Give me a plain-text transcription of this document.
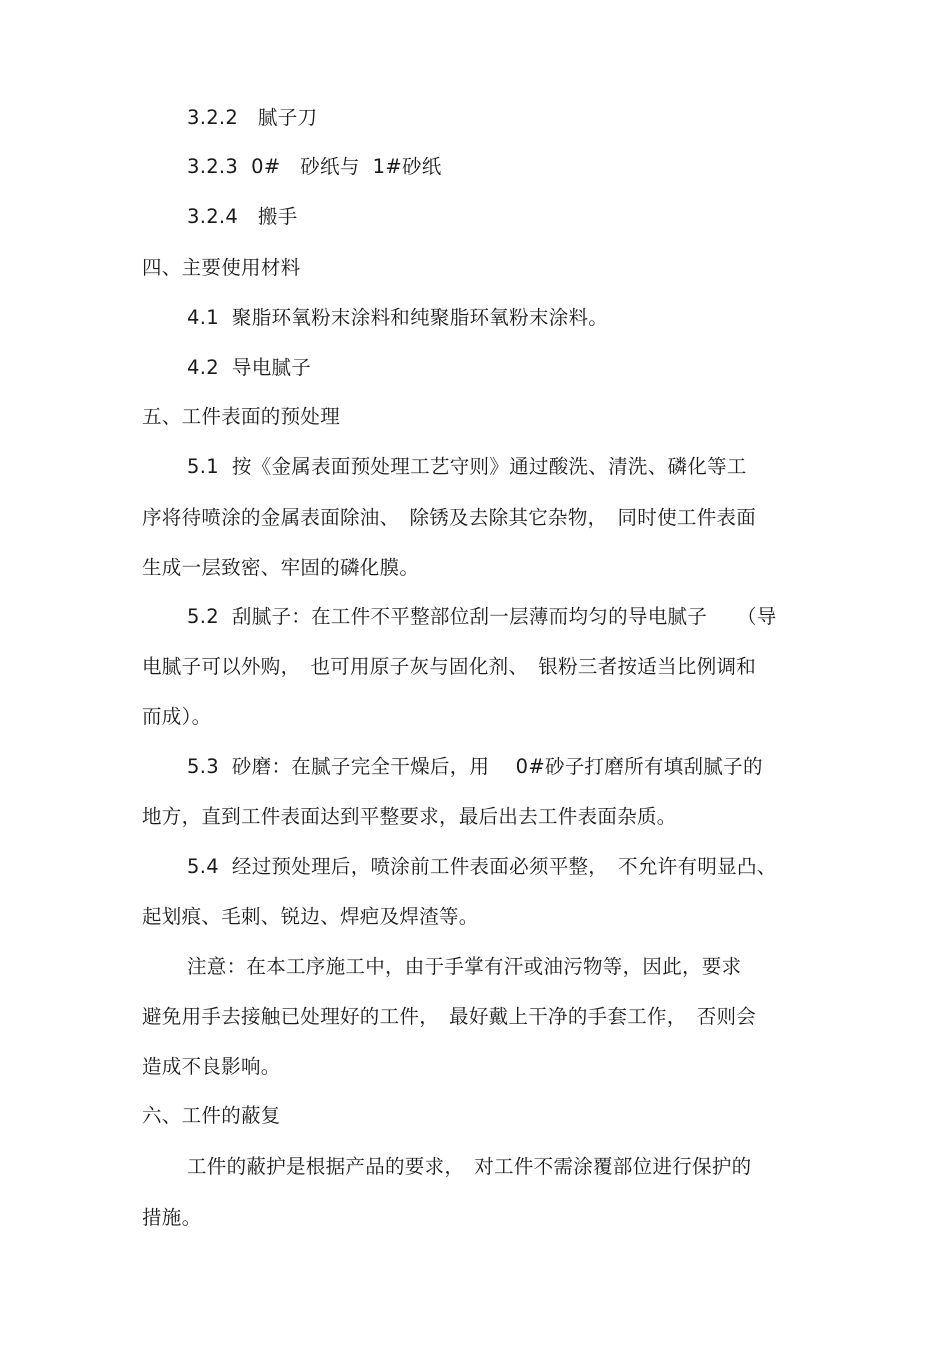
3.2.2　腻子刀
3.2.3  0#　砂纸与  1#砂纸
3.2.4　搬手
四、主要使用材料
4.1  聚脂环氧粉末涂料和纯聚脂环氧粉末涂料。
4.2  导电腻子
五、工件表面的预处理
5.1  按《金属表面预处理工艺守则》通过酸洗、清洗、磷化等工
序将待喷涂的金属表面除油、　除锈及去除其它杂物，　同时使工件表面
生成一层致密、牢固的磷化膜。
5.2  刮腻子：在工件不平整部位刮一层薄而均匀的导电腻子　　（导
电腻子可以外购，　也可用原子灰与固化剂、　银粉三者按适当比例调和
而成）。
5.3  砂磨：在腻子完全干燥后，用　 0#砂子打磨所有填刮腻子的
地方，直到工件表面达到平整要求，最后出去工件表面杂质。
5.4  经过预处理后，喷涂前工件表面必须平整，　不允许有明显凸、
起划痕、毛刺、锐边、焊疤及焊渣等。
注意：在本工序施工中，由于手掌有汗或油污物等，因此，要求
避免用手去接触已处理好的工件，　最好戴上干净的手套工作，　否则会
造成不良影响。
六、工件的蔽复
工件的蔽护是根据产品的要求，　对工件不需涂覆部位进行保护的
措施。
